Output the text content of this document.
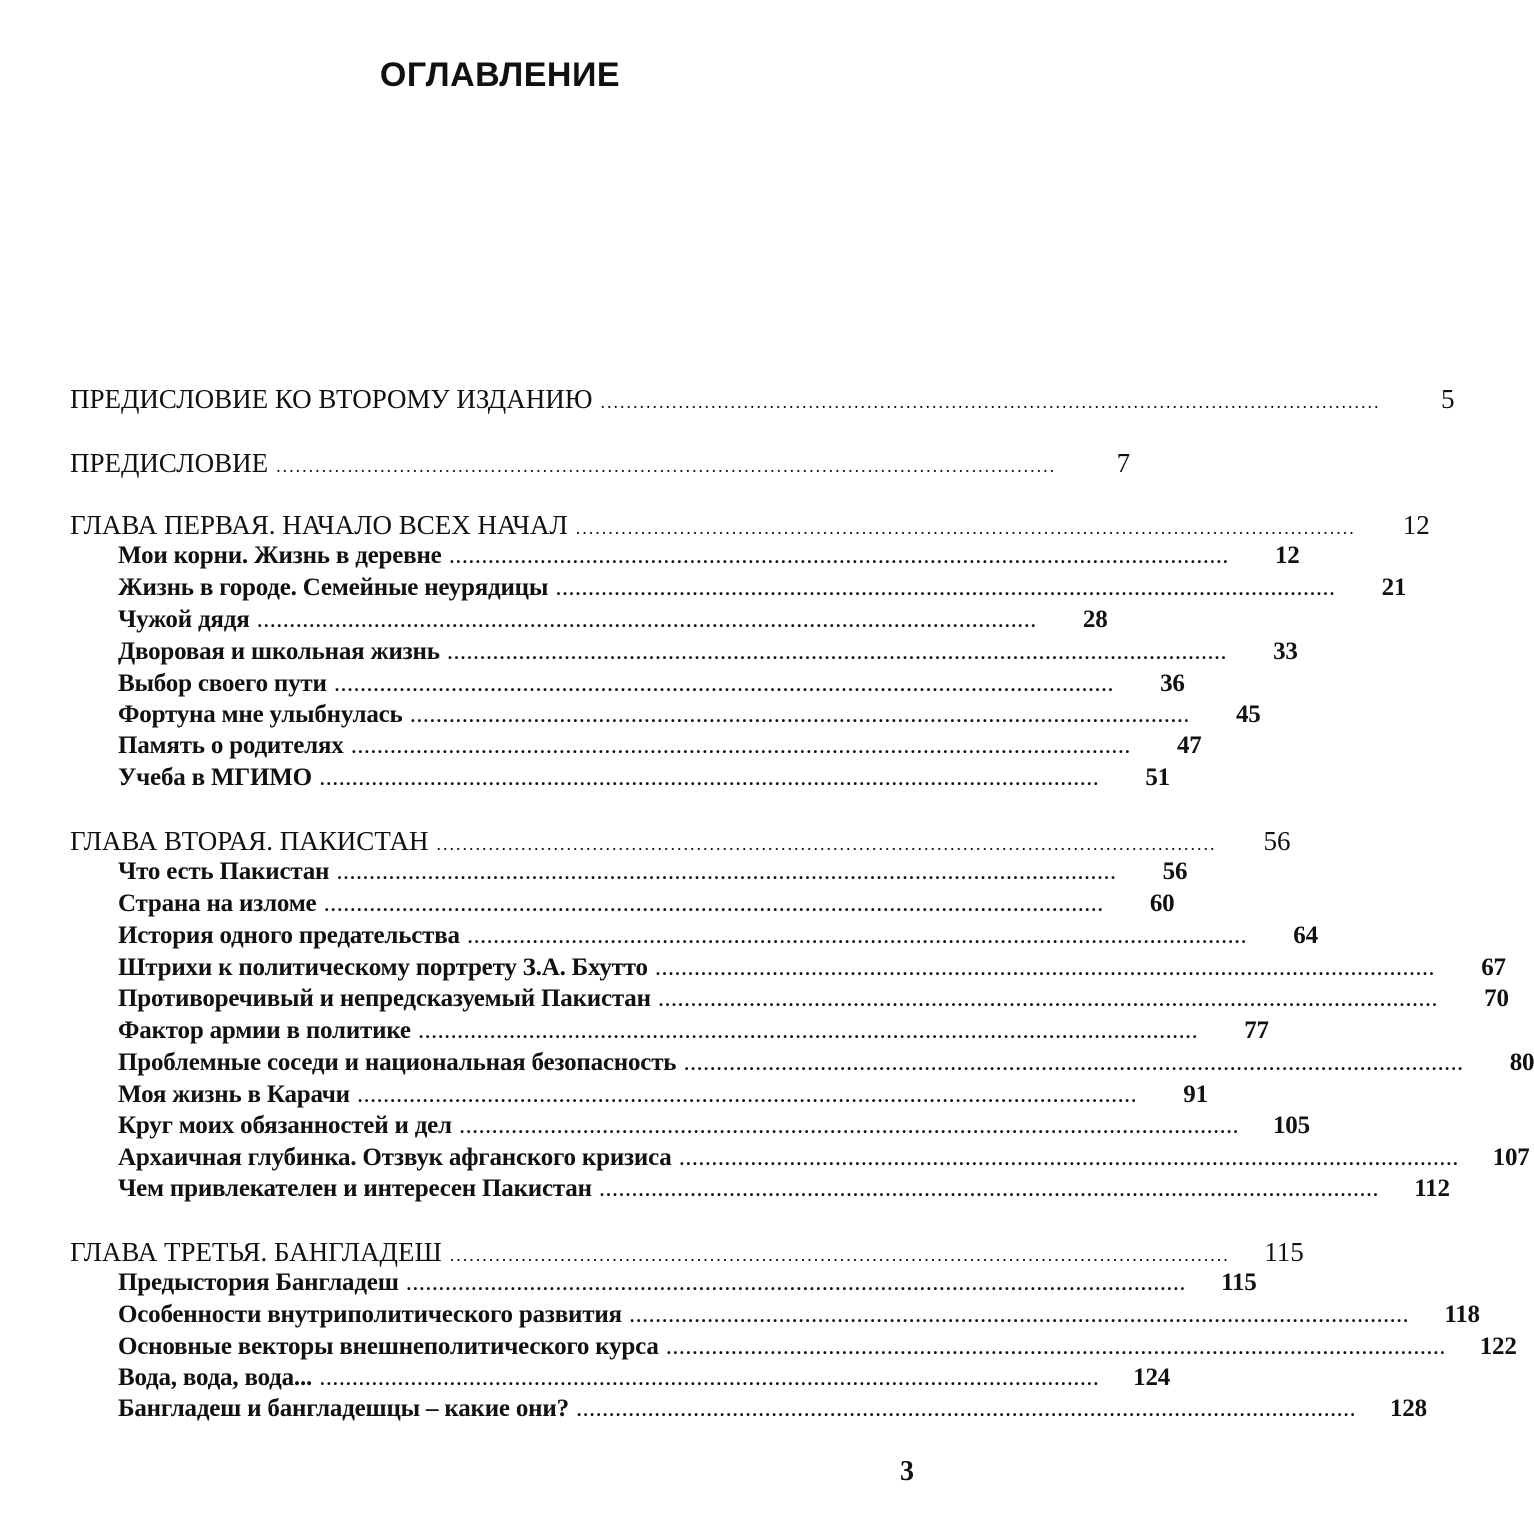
ОГЛАВЛЕНИЕ
ПРЕДИСЛОВИЕ КО ВТОРОМУ ИЗДАНИЮ ........................................................................................................................	5
ПРЕДИСЛОВИЕ ........................................................................................................................	7
ГЛАВА ПЕРВАЯ. НАЧАЛО ВСЕХ НАЧАЛ ........................................................................................................................	12
Мои корни. Жизнь в деревне ........................................................................................................................	12
Жизнь в городе. Семейные неурядицы ........................................................................................................................	21
Чужой дядя ........................................................................................................................	28
Дворовая и школьная жизнь ........................................................................................................................	33
Выбор своего пути ........................................................................................................................	36
Фортуна мне улыбнулась ........................................................................................................................	45
Память о родителях ........................................................................................................................	47
Учеба в МГИМО ........................................................................................................................	51
ГЛАВА ВТОРАЯ. ПАКИСТАН ........................................................................................................................	56
Что есть Пакистан ........................................................................................................................	56
Страна на изломе ........................................................................................................................	60
История одного предательства ........................................................................................................................	64
Штрихи к политическому портрету З.А. Бхутто ........................................................................................................................	67
Противоречивый и непредсказуемый Пакистан ........................................................................................................................	70
Фактор армии в политике ........................................................................................................................	77
Проблемные соседи и национальная безопасность ........................................................................................................................	80
Моя жизнь в Карачи ........................................................................................................................	91
Круг моих обязанностей и дел ........................................................................................................................	105
Архаичная глубинка. Отзвук афганского кризиса ........................................................................................................................	107
Чем привлекателен и интересен Пакистан ........................................................................................................................	112
ГЛАВА ТРЕТЬЯ. БАНГЛАДЕШ ........................................................................................................................	115
Предыстория Бангладеш ........................................................................................................................	115
Особенности внутриполитического развития ........................................................................................................................	118
Основные векторы внешнеполитического курса ........................................................................................................................	122
Вода, вода, вода... ........................................................................................................................	124
Бангладеш и бангладешцы – какие они? ........................................................................................................................	128
3
